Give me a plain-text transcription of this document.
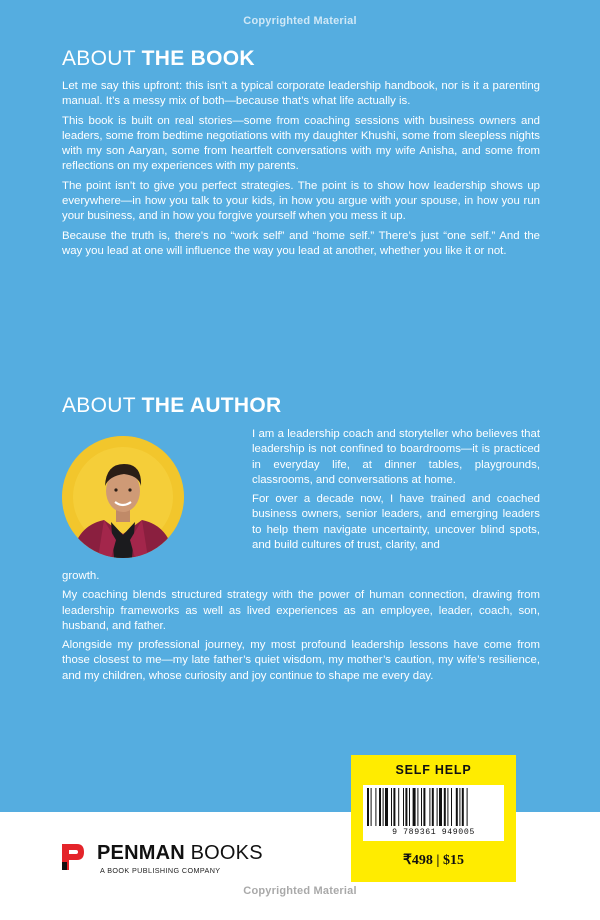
Copyrighted Material
ABOUT THE BOOK

Let me say this upfront: this isn’t a typical corporate leadership handbook, nor is it a parenting manual. It’s a messy mix of both—because that’s what life actually is.

This book is built on real stories—some from coaching sessions with business owners and leaders, some from bedtime negotiations with my daughter Khushi, some from sleepless nights with my son Aaryan, some from heartfelt conversations with my wife Anisha, and some from reflections on my experiences with my parents.

The point isn’t to give you perfect strategies. The point is to show how leadership shows up everywhere—in how you talk to your kids, in how you argue with your spouse, in how you run your business, and in how you forgive yourself when you mess it up.

Because the truth is, there’s no “work self” and “home self.” There’s just “one self.” And the way you lead at one will influence the way you lead at another, whether you like it or not.

ABOUT THE AUTHOR

I am a leadership coach and storyteller who believes that leadership is not confined to boardrooms—it is practiced in everyday life, at dinner tables, playgrounds, classrooms, and conversations at home.

For over a decade now, I have trained and coached business owners, senior leaders, and emerging leaders to help them navigate uncertainty, uncover blind spots, and build cultures of trust, clarity, and

growth.

My coaching blends structured strategy with the power of human connection, drawing from leadership frameworks as well as lived experiences as an employee, leader, coach, son, husband, and father.

Alongside my professional journey, my most profound leadership lessons have come from those closest to me—my late father’s quiet wisdom, my mother’s caution, my wife’s resilience, and my children, whose curiosity and joy continue to shape me every day.

SELF HELP
9 789361 949005
₹498 | $15
PENMAN BOOKS
A BOOK PUBLISHING COMPANY
Copyrighted Material
